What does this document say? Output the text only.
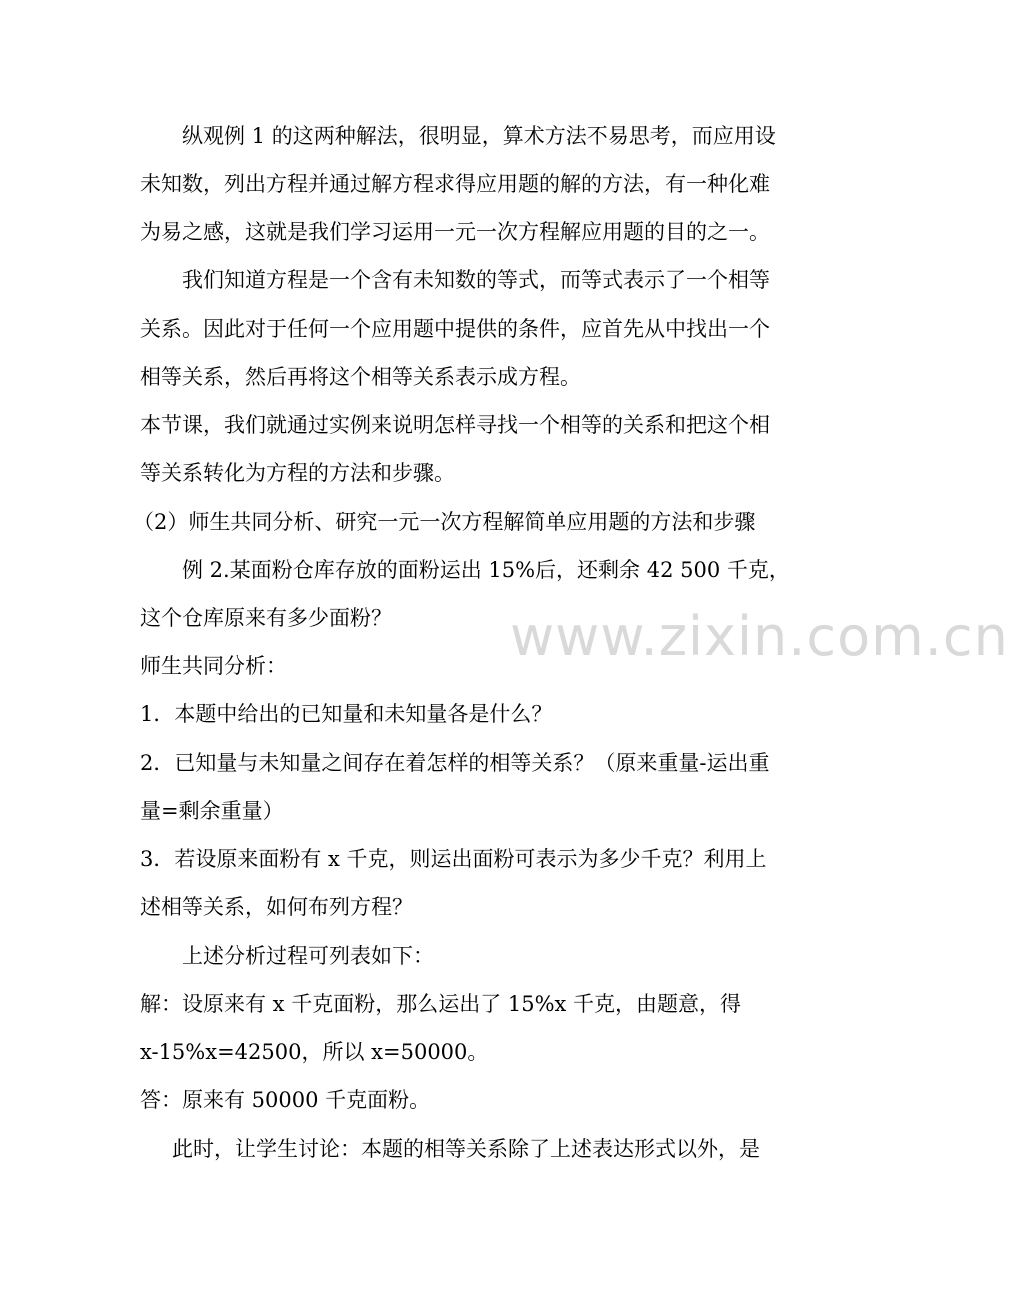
纵观例 1 的这两种解法，很明显，算术方法不易思考，而应用设
未知数，列出方程并通过解方程求得应用题的解的方法，有一种化难
为易之感，这就是我们学习运用一元一次方程解应用题的目的之一。
我们知道方程是一个含有未知数的等式，而等式表示了一个相等
关系。因此对于任何一个应用题中提供的条件，应首先从中找出一个
相等关系，然后再将这个相等关系表示成方程。
本节课，我们就通过实例来说明怎样寻找一个相等的关系和把这个相
等关系转化为方程的方法和步骤。
（2）师生共同分析、研究一元一次方程解简单应用题的方法和步骤
例 2.某面粉仓库存放的面粉运出 15%后，还剩余 42 500 千克，
这个仓库原来有多少面粉？
师生共同分析：
1．本题中给出的已知量和未知量各是什么？
2．已知量与未知量之间存在着怎样的相等关系？（原来重量-运出重
量=剩余重量）
3．若设原来面粉有 x 千克，则运出面粉可表示为多少千克？利用上
述相等关系，如何布列方程？
上述分析过程可列表如下：
解：设原来有 x 千克面粉，那么运出了 15%x 千克，由题意，得
x-15%x=42500，所以 x=50000。
答：原来有 50000 千克面粉。
此时，让学生讨论：本题的相等关系除了上述表达形式以外，是
www.zixin.com.cn
